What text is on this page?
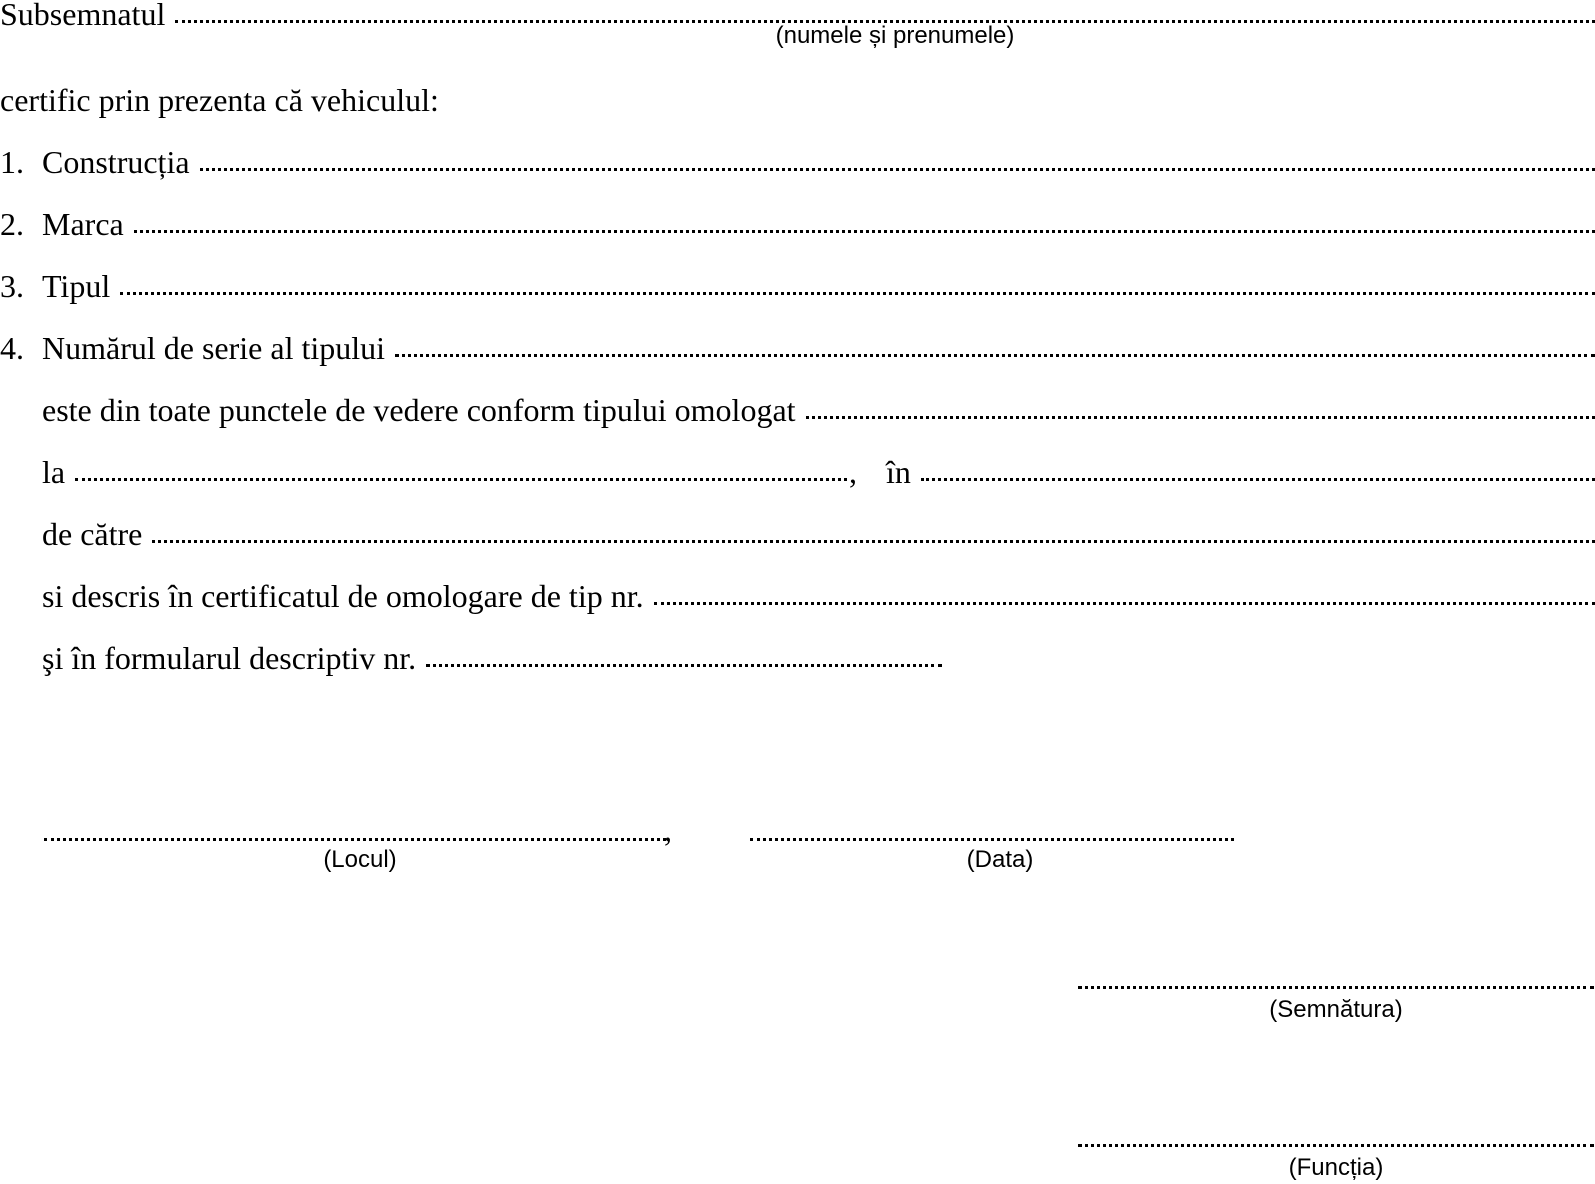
Subsemnatul
(numele și prenumele)
certific prin prezenta că vehiculul:
1. Construcția
2. Marca
3. Tipul
4. Numărul de serie al tipului
este din toate punctele de vedere conform tipului omologat
la	, în
de către
si descris în certificatul de omologare de tip nr.
şi în formularul descriptiv nr.
,
(Locul)	(Data)
(Semnătura)
(Funcția)
